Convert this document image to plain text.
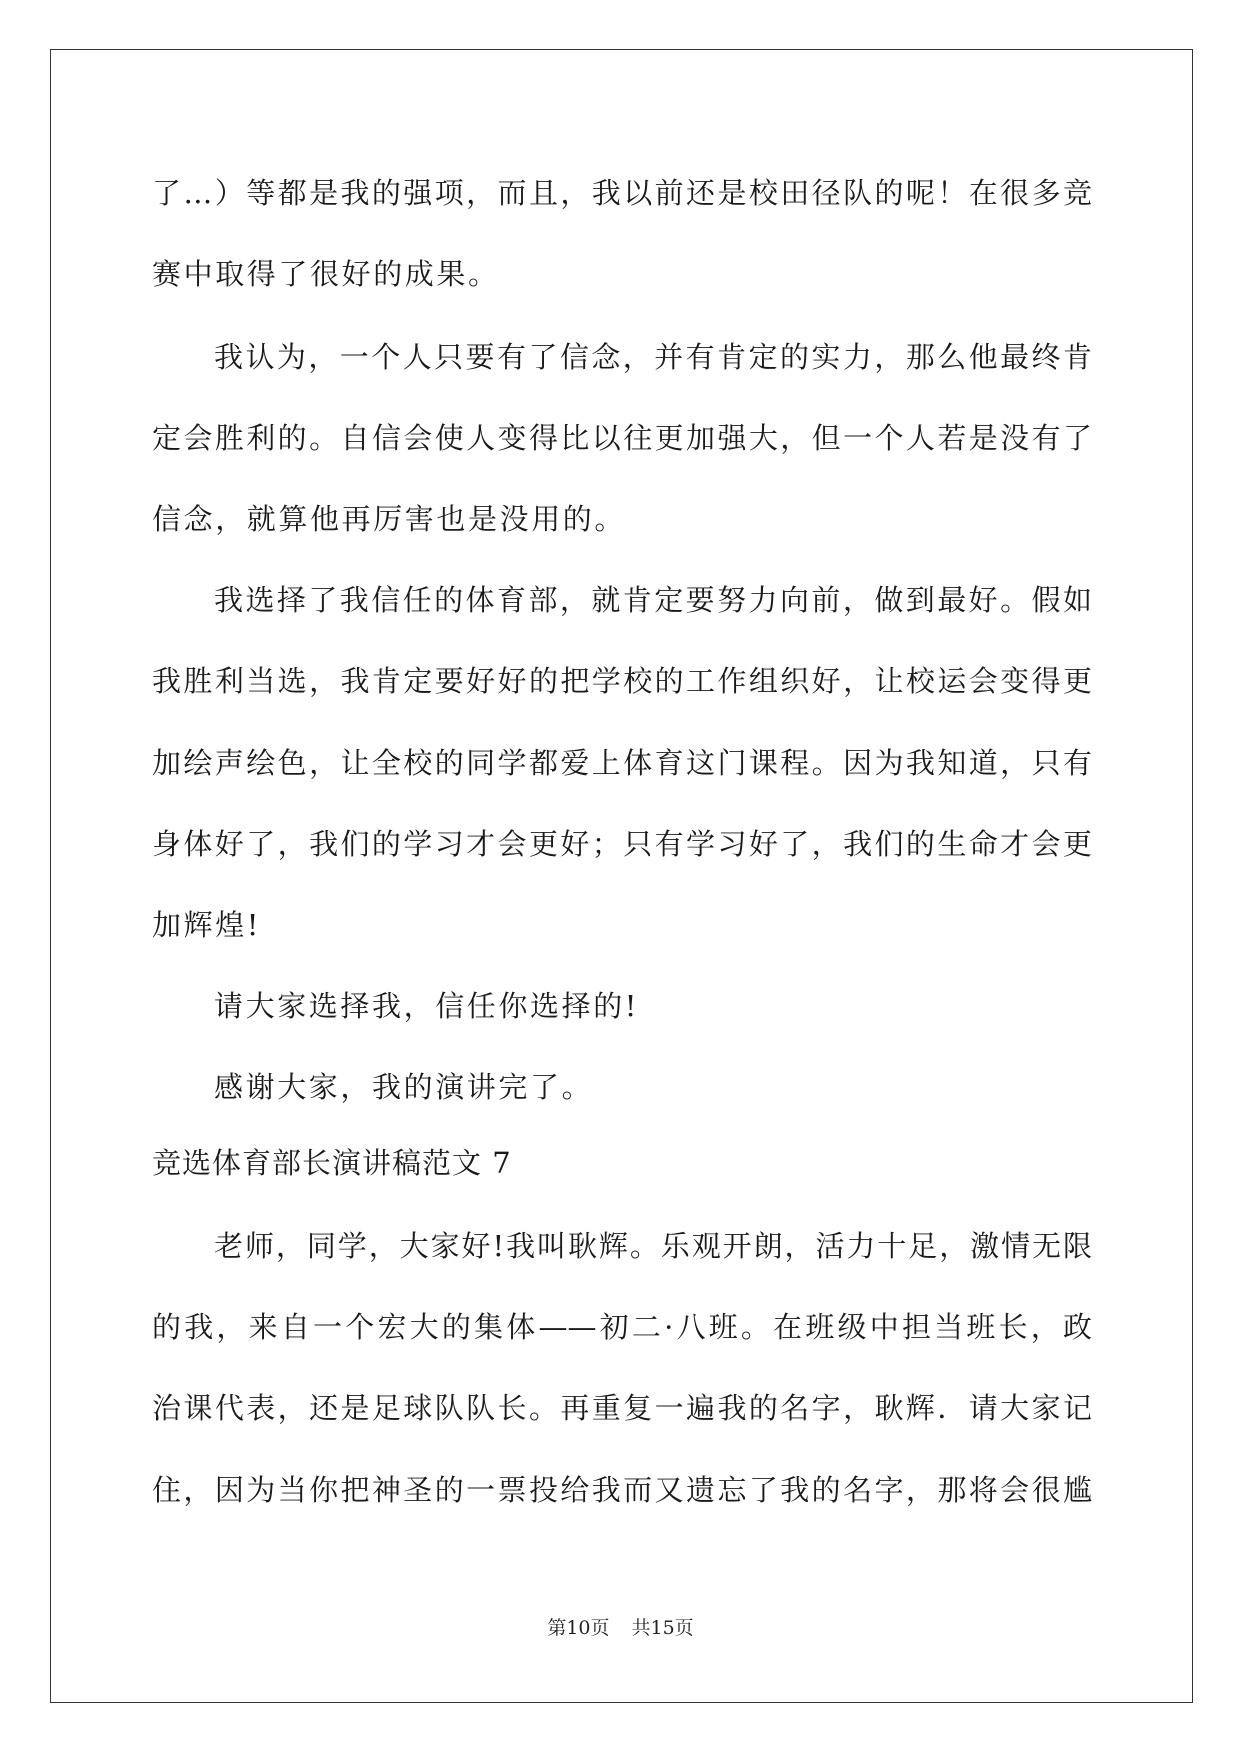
了…）等都是我的强项，而且，我以前还是校田径队的呢！在很多竞
赛中取得了很好的成果。
我认为，一个人只要有了信念，并有肯定的实力，那么他最终肯
定会胜利的。自信会使人变得比以往更加强大，但一个人若是没有了
信念，就算他再厉害也是没用的。
我选择了我信任的体育部，就肯定要努力向前，做到最好。假如
我胜利当选，我肯定要好好的把学校的工作组织好，让校运会变得更
加绘声绘色，让全校的同学都爱上体育这门课程。因为我知道，只有
身体好了，我们的学习才会更好；只有学习好了，我们的生命才会更
加辉煌!
请大家选择我，信任你选择的!
感谢大家，我的演讲完了。
竞选体育部长演讲稿范文 7
老师，同学，大家好!我叫耿辉。乐观开朗，活力十足，激情无限
的我，来自一个宏大的集体——初二·八班。在班级中担当班长，政
治课代表，还是足球队队长。再重复一遍我的名字，耿辉．请大家记
住，因为当你把神圣的一票投给我而又遗忘了我的名字，那将会很尴
第10页 共15页
